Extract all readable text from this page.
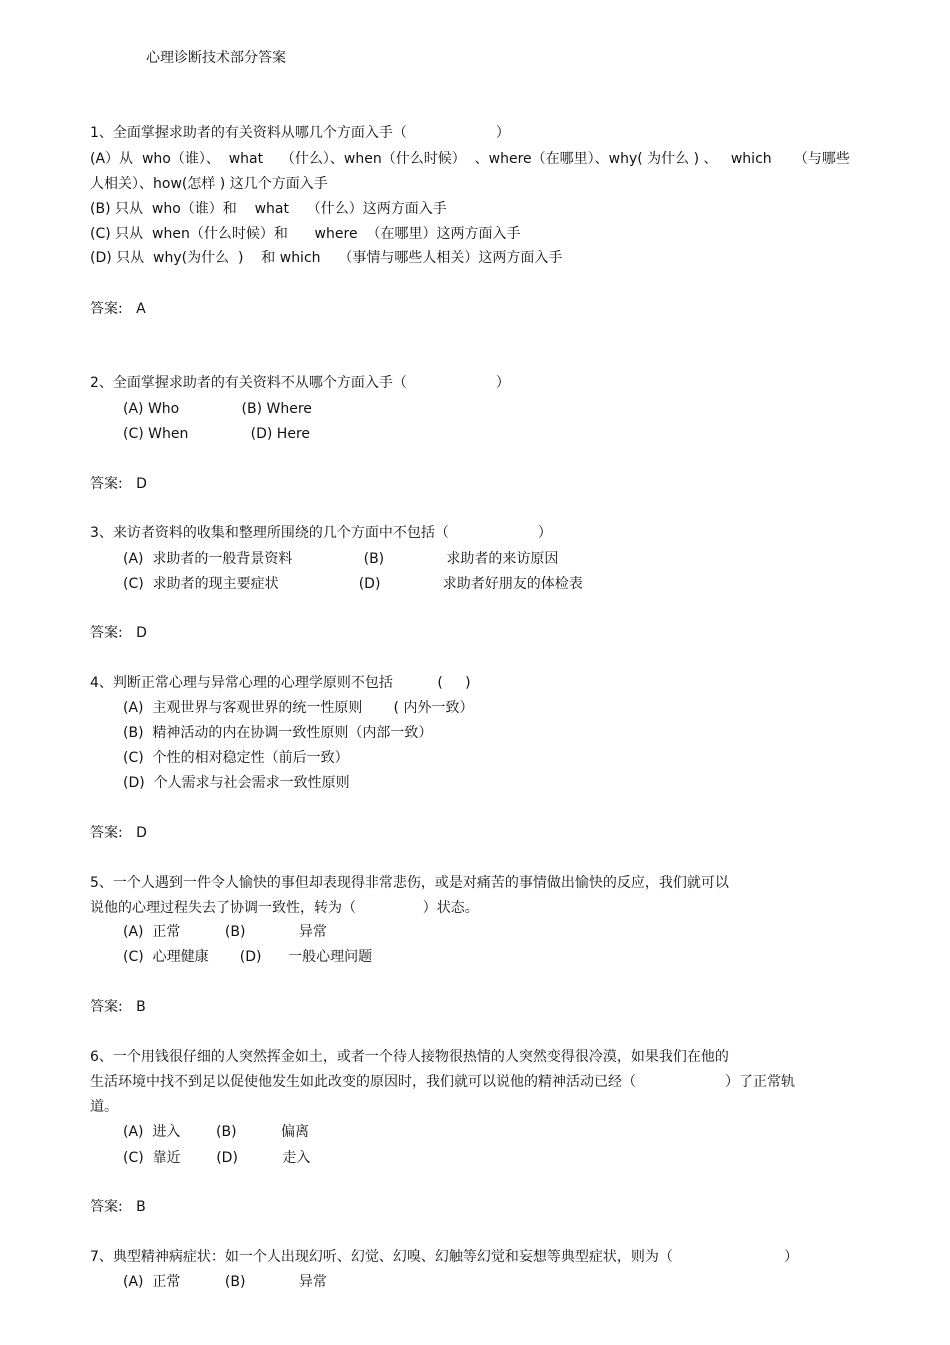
心理诊断技术部分答案
1、全面掌握求助者的有关资料从哪几个方面入手（                    ）
(A）从  who（谁）、  what    （什么）、when（什么时候）  、where（在哪里）、why( 为什么 ) 、   which     （与哪些
人相关）、how(怎样 ) 这几个方面入手
(B) 只从  who（谁）和    what    （什么）这两方面入手
(C) 只从  when（什么时候）和      where  （在哪里）这两方面入手
(D) 只从  why(为什么  )    和 which    （事情与哪些人相关）这两方面入手
答案:   A
2、全面掌握求助者的有关资料不从哪个方面入手（                    ）
(A) Who              (B) Where
(C) When              (D) Here
答案:   D
3、来访者资料的收集和整理所围绕的几个方面中不包括（                    ）
(A)  求助者的一般背景资料                (B)              求助者的来访原因
(C)  求助者的现主要症状                  (D)              求助者好朋友的体检表
答案:   D
4、判断正常心理与异常心理的心理学原则不包括          (     )
(A)  主观世界与客观世界的统一性原则       ( 内外一致）
(B)  精神活动的内在协调一致性原则（内部一致）
(C)  个性的相对稳定性（前后一致）
(D)  个人需求与社会需求一致性原则
答案:   D
5、一个人遇到一件令人愉快的事但却表现得非常悲伤，或是对痛苦的事情做出愉快的反应，我们就可以
说他的心理过程失去了协调一致性，转为（               ）状态。
(A)  正常          (B)            异常
(C)  心理健康       (D)      一般心理问题
答案:   B
6、一个用钱很仔细的人突然挥金如土，或者一个待人接物很热情的人突然变得很冷漠，如果我们在他的
生活环境中找不到足以促使他发生如此改变的原因时，我们就可以说他的精神活动已经（                    ）了正常轨
道。
(A)  进入        (B)          偏离
(C)  靠近        (D)          走入
答案:   B
7、典型精神病症状：如一个人出现幻听、幻觉、幻嗅、幻触等幻觉和妄想等典型症状，则为（                         ）
(A)  正常          (B)            异常
